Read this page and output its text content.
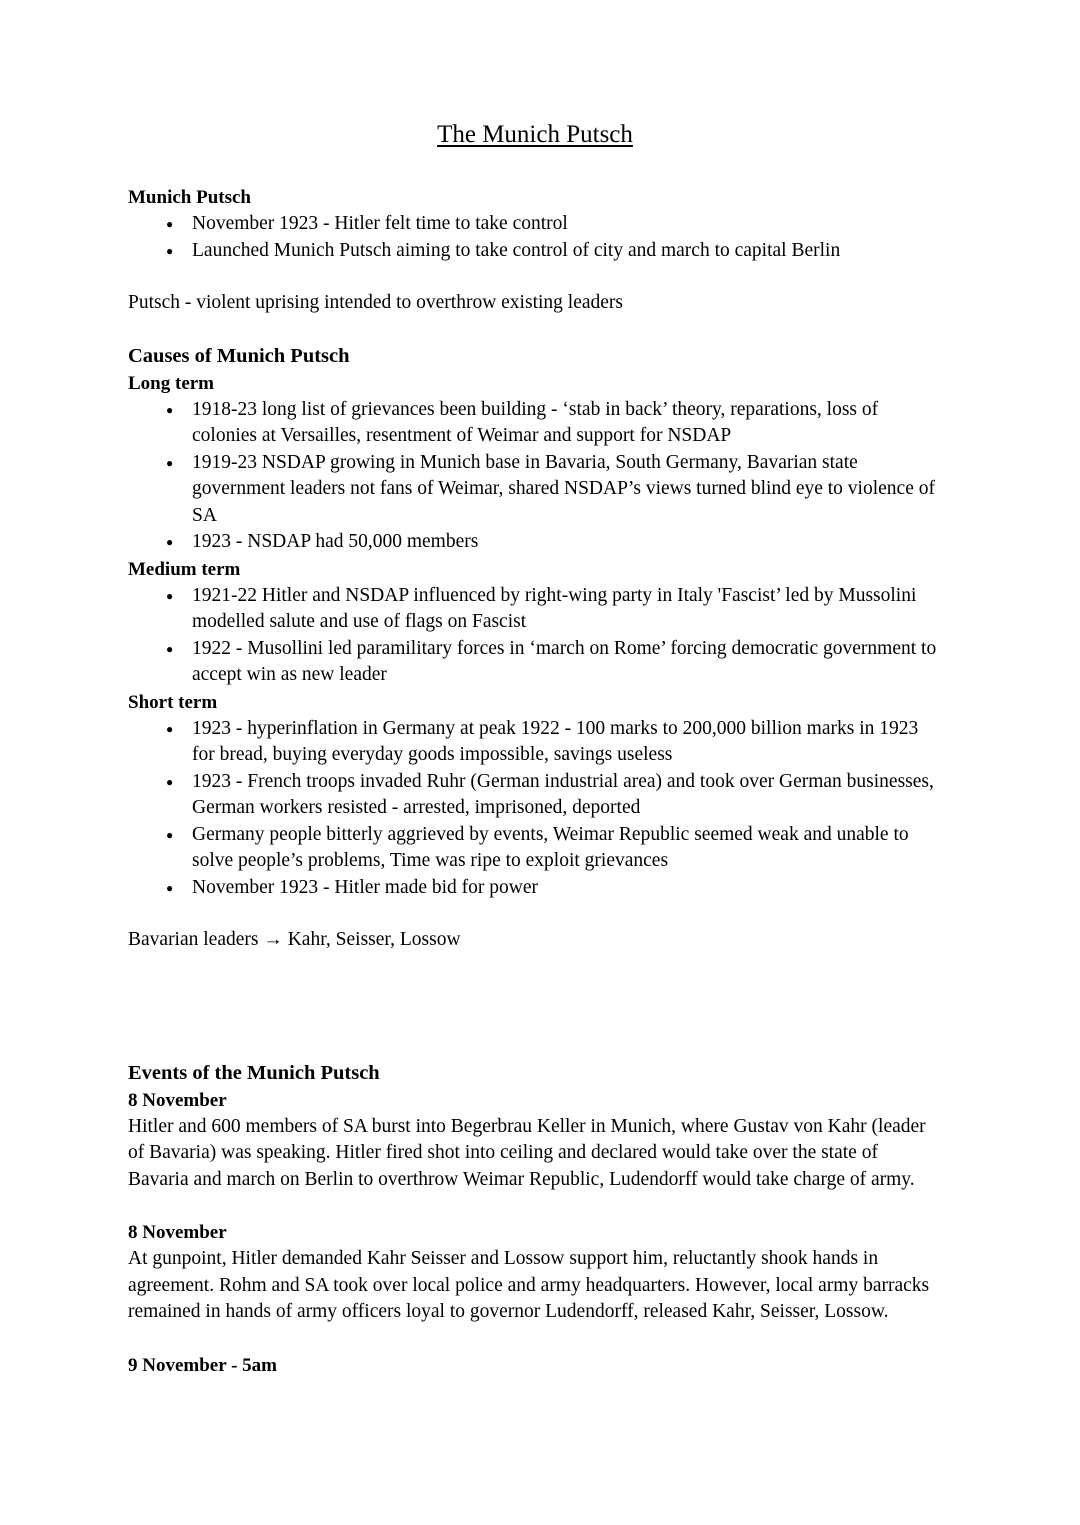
The Munich Putsch
Munich Putsch
● November 1923 - Hitler felt time to take control
● Launched Munich Putsch aiming to take control of city and march to capital Berlin

Putsch - violent uprising intended to overthrow existing leaders

Causes of Munich Putsch
Long term
● 1918-23 long list of grievances been building - ‘stab in back’ theory, reparations, loss of colonies at Versailles, resentment of Weimar and support for NSDAP
● 1919-23 NSDAP growing in Munich base in Bavaria, South Germany, Bavarian state government leaders not fans of Weimar, shared NSDAP’s views turned blind eye to violence of SA
● 1923 - NSDAP had 50,000 members
Medium term
● 1921-22 Hitler and NSDAP influenced by right-wing party in Italy 'Fascist’ led by Mussolini modelled salute and use of flags on Fascist
● 1922 - Musollini led paramilitary forces in ‘march on Rome’ forcing democratic government to accept win as new leader
Short term
● 1923 - hyperinflation in Germany at peak 1922 - 100 marks to 200,000 billion marks in 1923 for bread, buying everyday goods impossible, savings useless
● 1923 - French troops invaded Ruhr (German industrial area) and took over German businesses, German workers resisted - arrested, imprisoned, deported
● Germany people bitterly aggrieved by events, Weimar Republic seemed weak and unable to solve people’s problems, Time was ripe to exploit grievances
● November 1923 - Hitler made bid for power

Bavarian leaders → Kahr, Seisser, Lossow

Events of the Munich Putsch
8 November

Hitler and 600 members of SA burst into Begerbrau Keller in Munich, where Gustav von Kahr (leader of Bavaria) was speaking. Hitler fired shot into ceiling and declared would take over the state of Bavaria and march on Berlin to overthrow Weimar Republic, Ludendorff would take charge of army.

8 November

At gunpoint, Hitler demanded Kahr Seisser and Lossow support him, reluctantly shook hands in agreement. Rohm and SA took over local police and army headquarters. However, local army barracks remained in hands of army officers loyal to governor Ludendorff, released Kahr, Seisser, Lossow.

9 November - 5am
